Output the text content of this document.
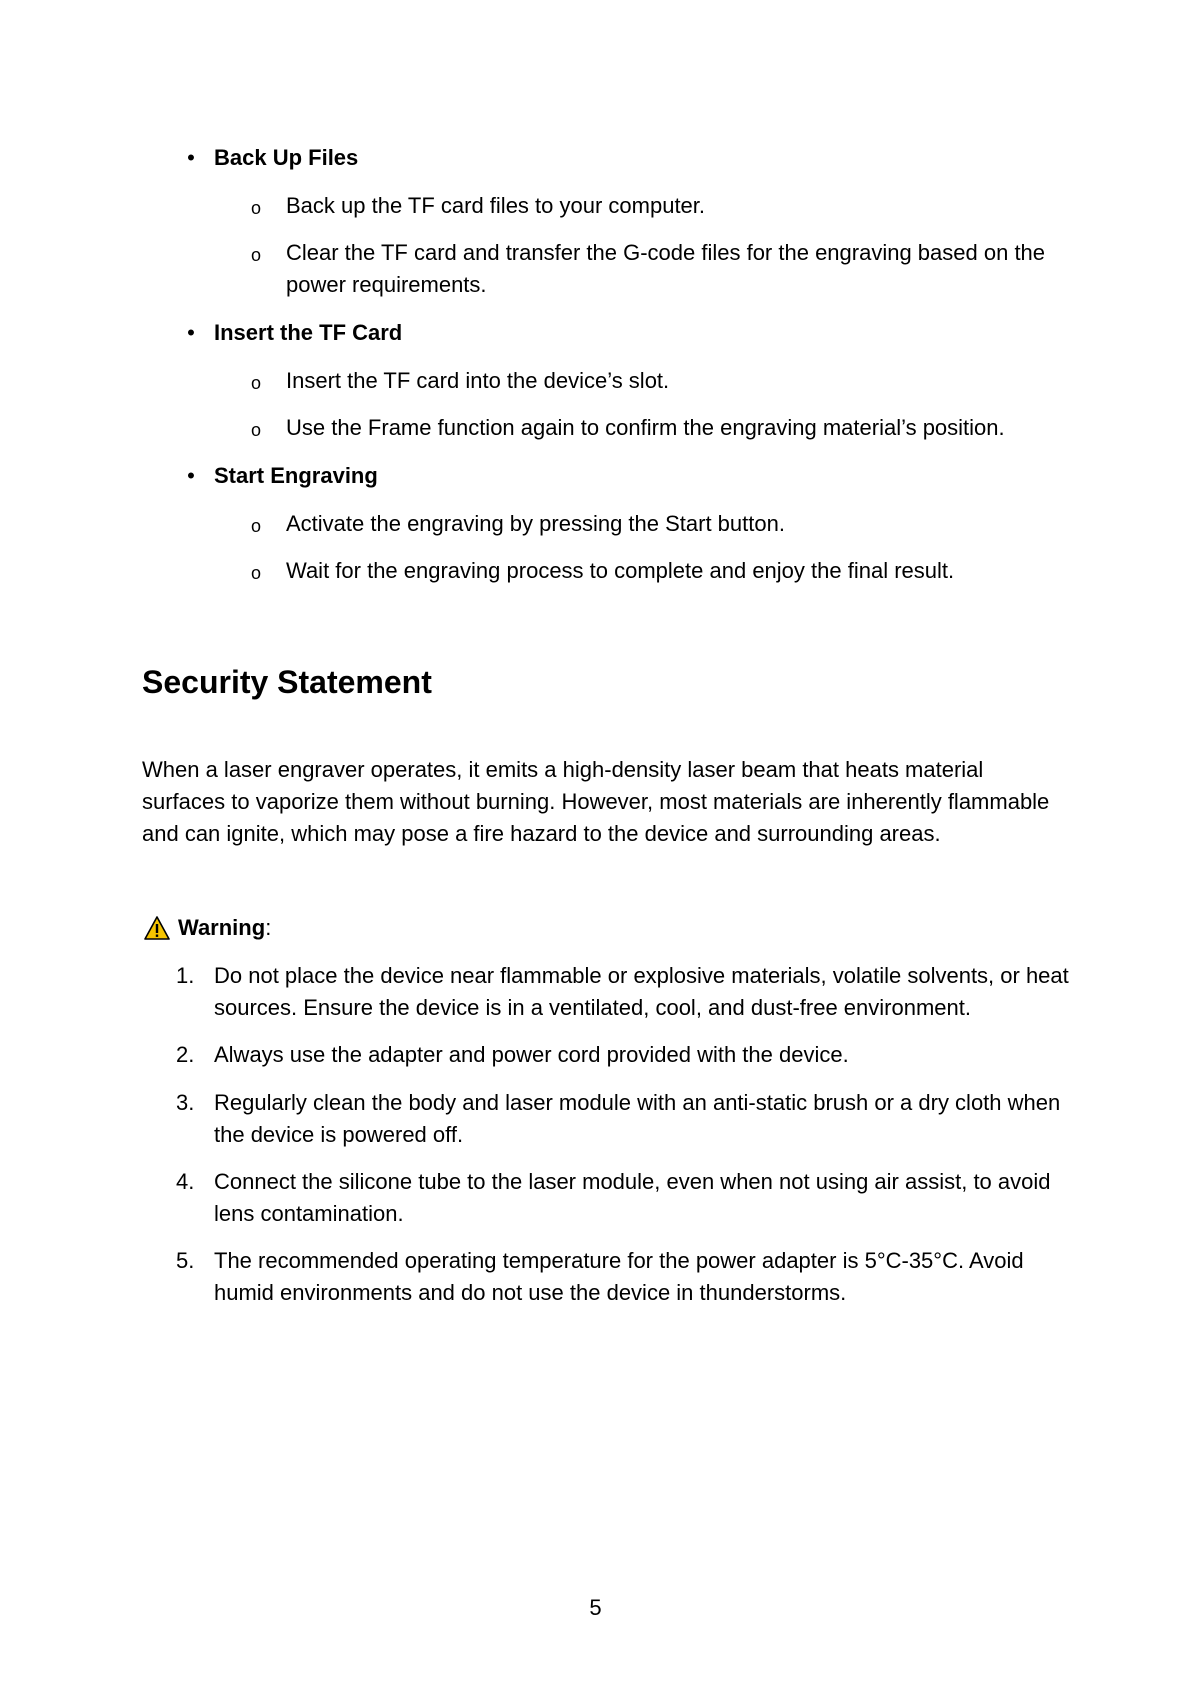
• Back Up Files
o Back up the TF card files to your computer.
o Clear the TF card and transfer the G-code files for the engraving based on the power requirements.
• Insert the TF Card
o Insert the TF card into the device’s slot.
o Use the Frame function again to confirm the engraving material’s position.
• Start Engraving
o Activate the engraving by pressing the Start button.
o Wait for the engraving process to complete and enjoy the final result.
Security Statement
When a laser engraver operates, it emits a high-density laser beam that heats material surfaces to vaporize them without burning. However, most materials are inherently flammable and can ignite, which may pose a fire hazard to the device and surrounding areas.
Warning:
1. Do not place the device near flammable or explosive materials, volatile solvents, or heat sources. Ensure the device is in a ventilated, cool, and dust-free environment.
2. Always use the adapter and power cord provided with the device.
3. Regularly clean the body and laser module with an anti-static brush or a dry cloth when the device is powered off.
4. Connect the silicone tube to the laser module, even when not using air assist, to avoid lens contamination.
5. The recommended operating temperature for the power adapter is 5°C-35°C. Avoid humid environments and do not use the device in thunderstorms.
5
